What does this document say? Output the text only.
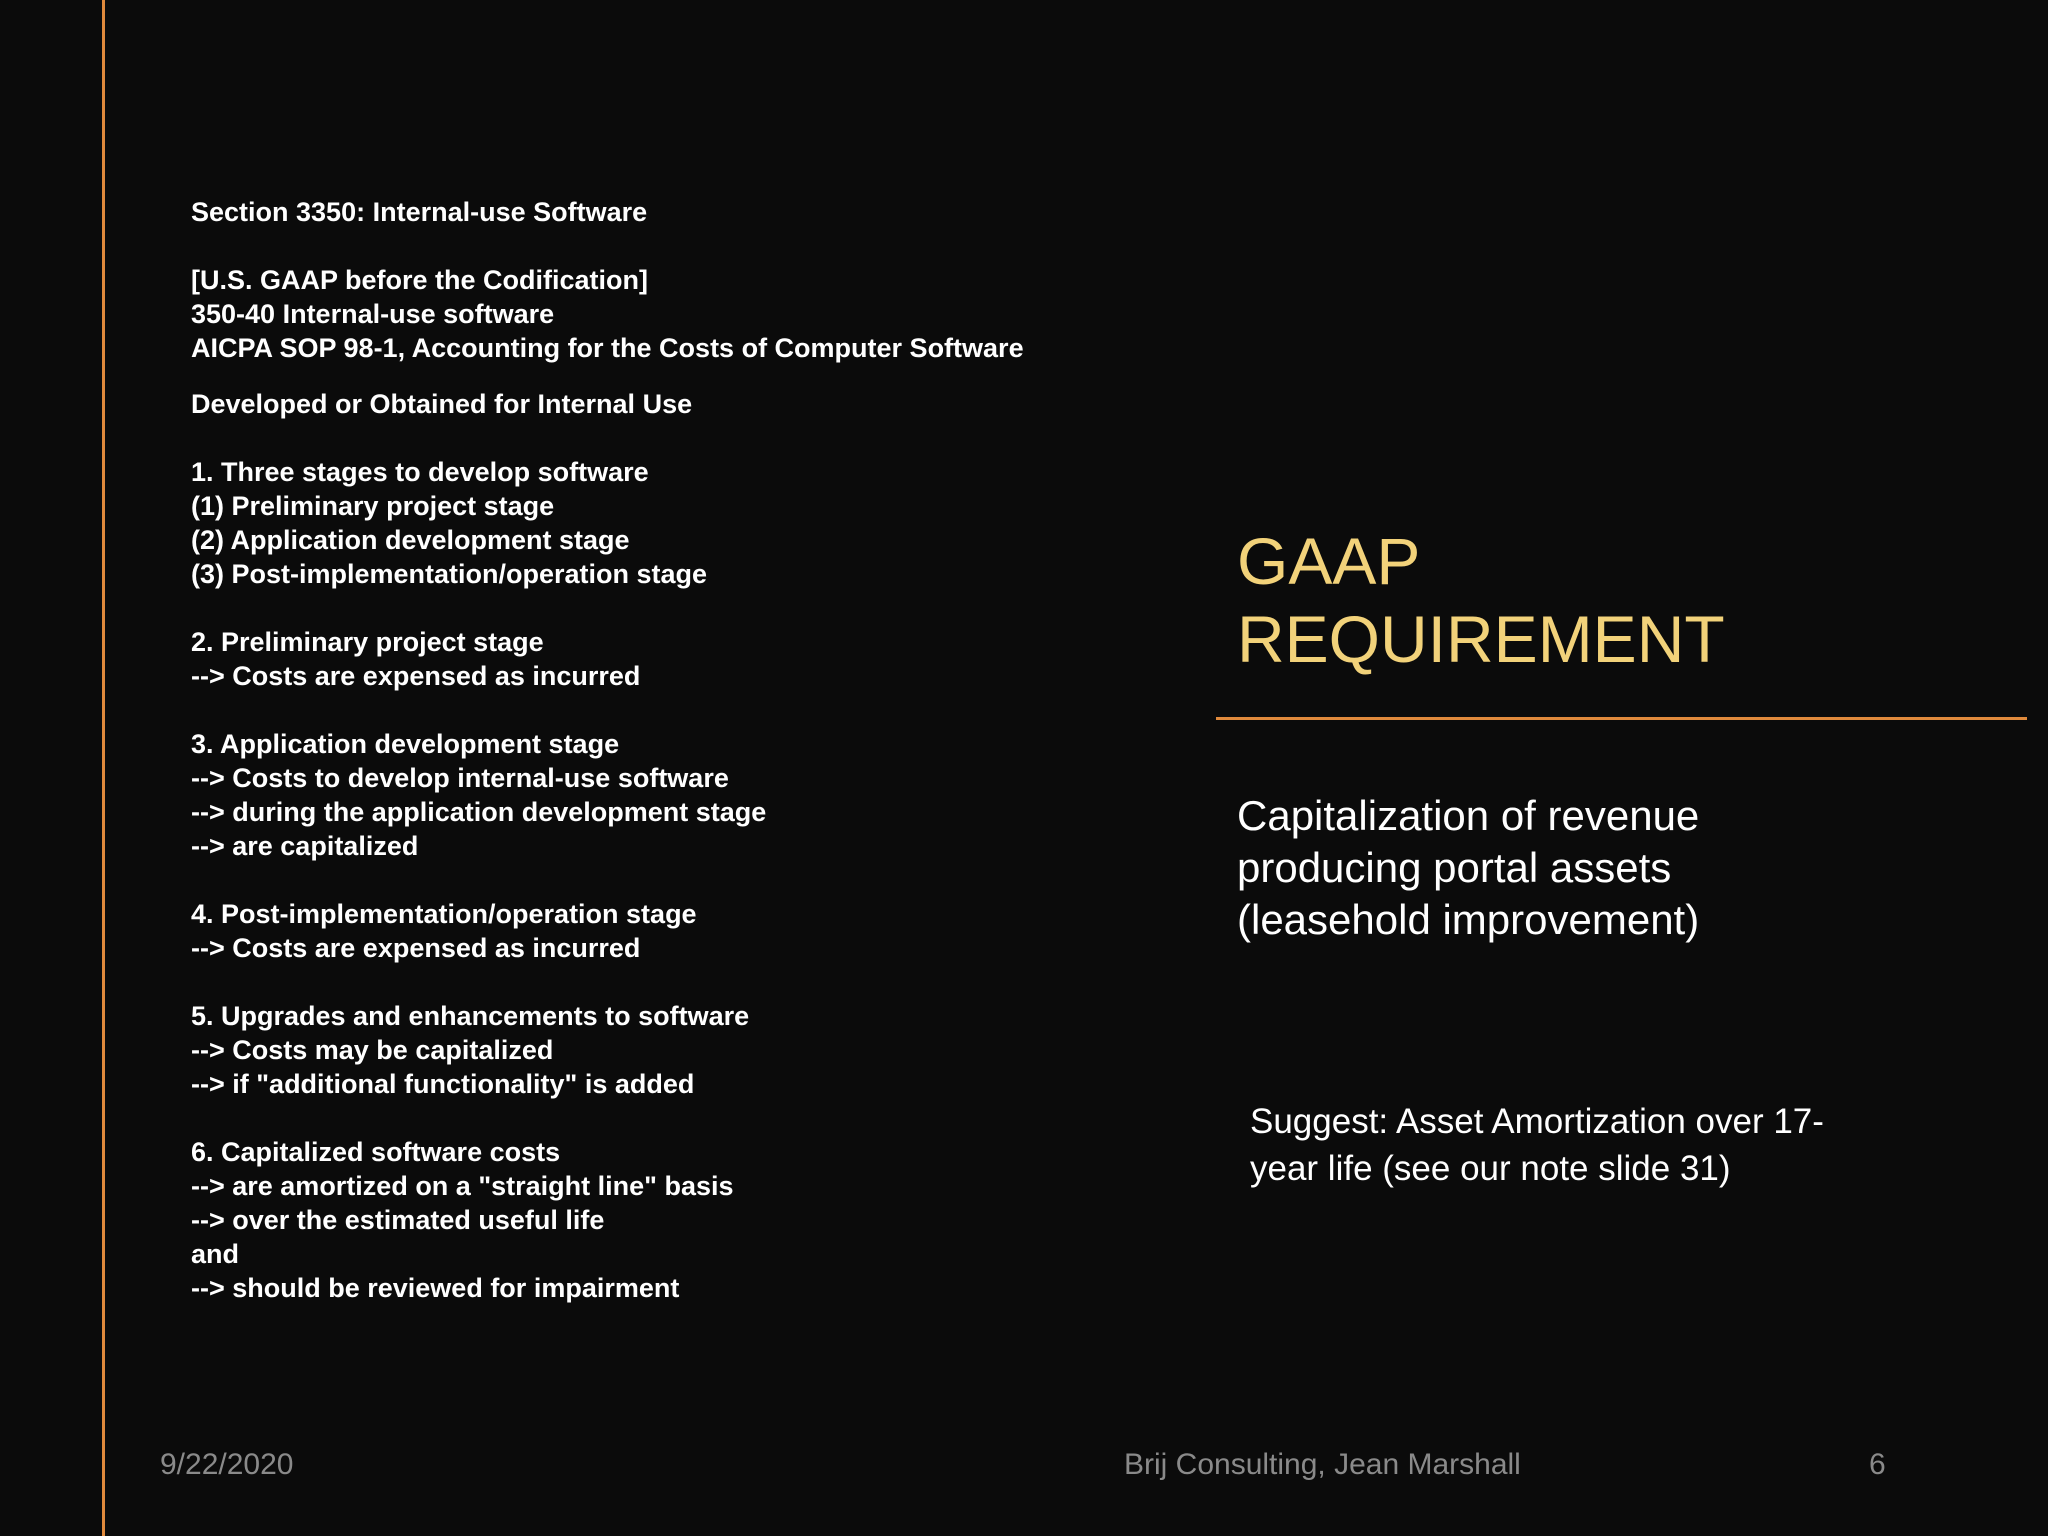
Section 3350: Internal-use Software
[U.S. GAAP before the Codification]
350-40 Internal-use software
AICPA SOP 98-1, Accounting for the Costs of Computer Software
Developed or Obtained for Internal Use
1. Three stages to develop software
(1) Preliminary project stage
(2) Application development stage
(3) Post-implementation/operation stage
2. Preliminary project stage
--> Costs are expensed as incurred
3. Application development stage
--> Costs to develop internal-use software
--> during the application development stage
--> are capitalized
4. Post-implementation/operation stage
--> Costs are expensed as incurred
5. Upgrades and enhancements to software
--> Costs may be capitalized
--> if "additional functionality" is added
6. Capitalized software costs
--> are amortized on a "straight line" basis
--> over the estimated useful life
and
--> should be reviewed for impairment
GAAP
REQUIREMENT
Capitalization of revenue producing portal assets (leasehold improvement)
Suggest: Asset Amortization over 17-year life (see our note slide 31)
9/22/2020	Brij Consulting, Jean Marshall	6
